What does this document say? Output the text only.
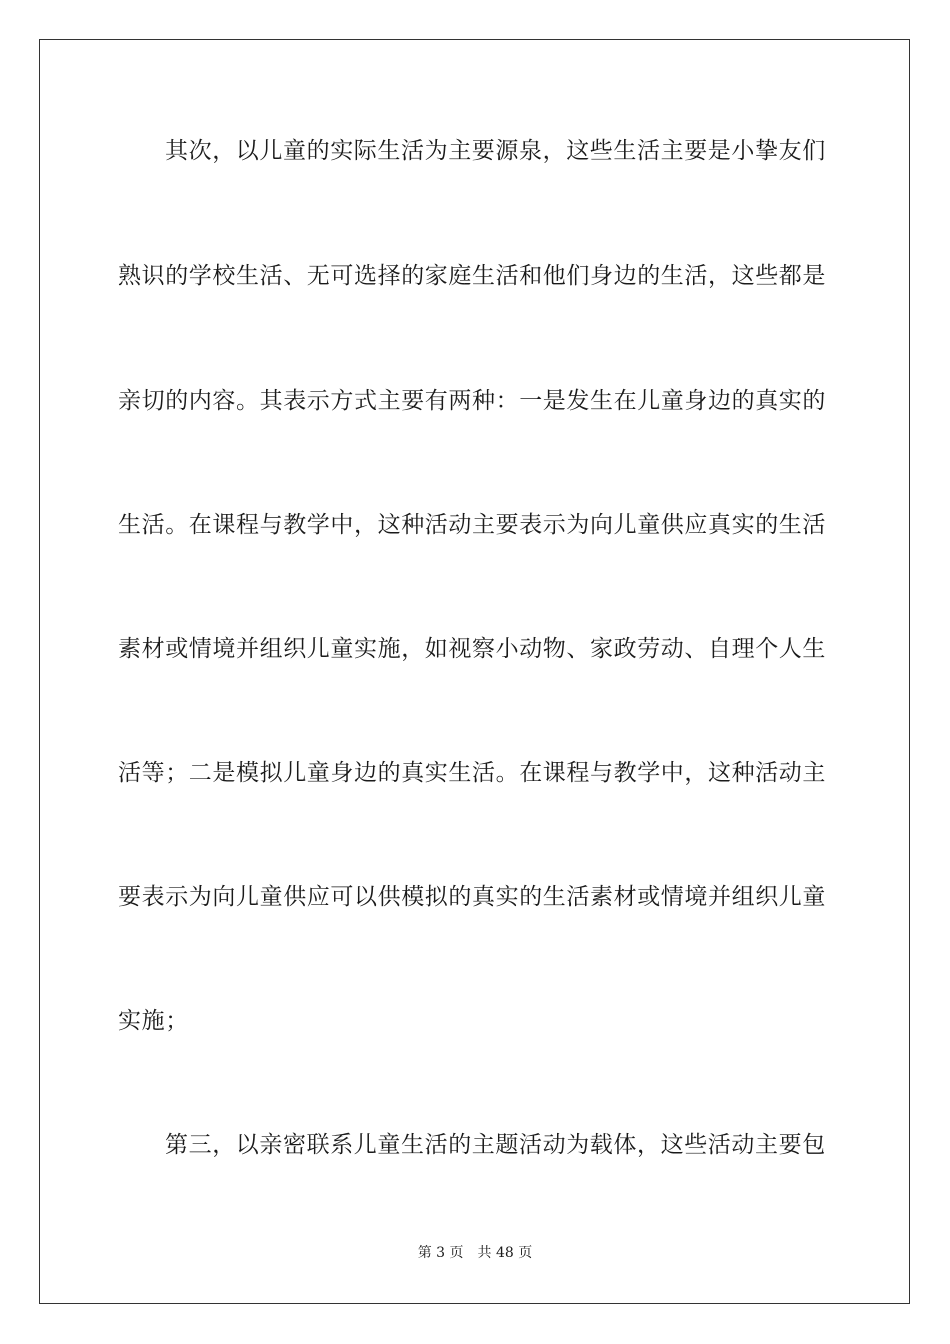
其次，以儿童的实际生活为主要源泉，这些生活主要是小挚友们
熟识的学校生活、无可选择的家庭生活和他们身边的生活，这些都是
亲切的内容。其表示方式主要有两种：一是发生在儿童身边的真实的
生活。在课程与教学中，这种活动主要表示为向儿童供应真实的生活
素材或情境并组织儿童实施，如视察小动物、家政劳动、自理个人生
活等；二是模拟儿童身边的真实生活。在课程与教学中，这种活动主
要表示为向儿童供应可以供模拟的真实的生活素材或情境并组织儿童
实施；
第三，以亲密联系儿童生活的主题活动为载体，这些活动主要包
第 3 页 共 48 页
